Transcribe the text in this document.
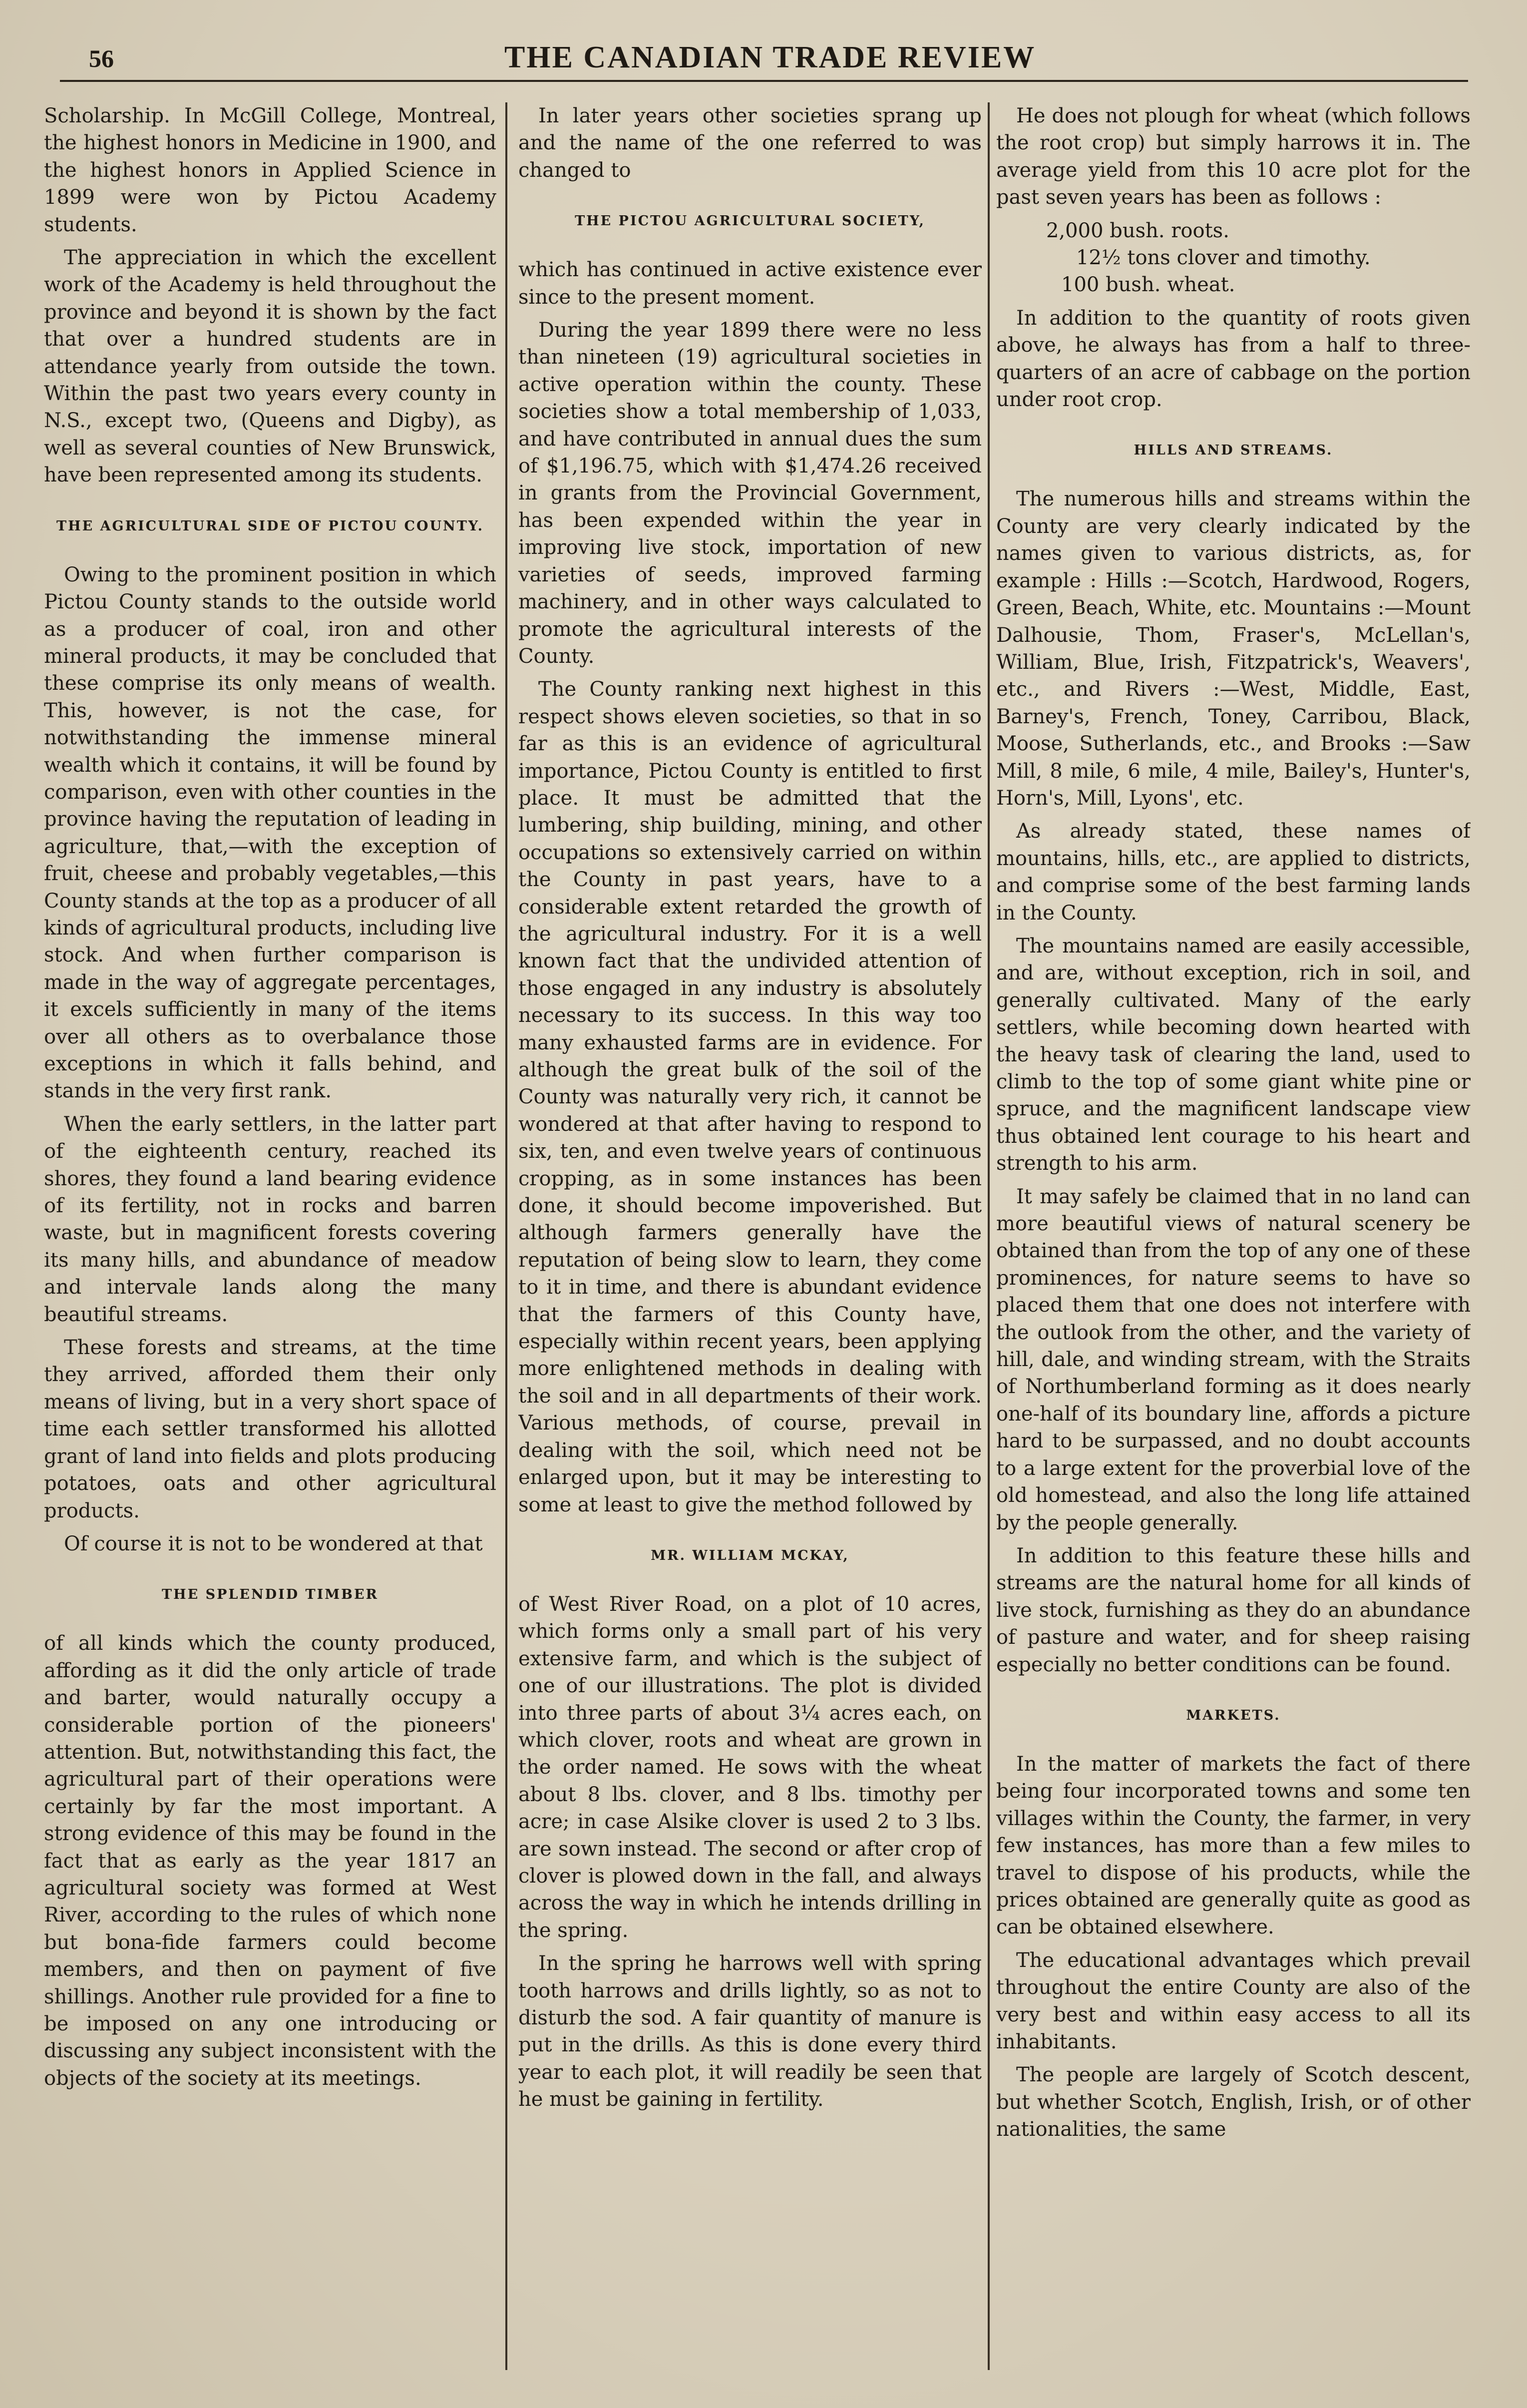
56	THE CANADIAN TRADE REVIEW

Scholarship. In McGill College, Montreal, the highest honors in Medicine in 1900, and the highest honors in Applied Science in 1899 were won by Pictou Academy students.

The appreciation in which the excellent work of the Academy is held throughout the province and beyond it is shown by the fact that over a hundred students are in attendance yearly from outside the town. Within the past two years every county in N.S., except two, (Queens and Digby), as well as several counties of New Brunswick, have been represented among its students.

THE AGRICULTURAL SIDE OF PICTOU COUNTY.

Owing to the prominent position in which Pictou County stands to the outside world as a producer of coal, iron and other mineral products, it may be concluded that these comprise its only means of wealth. This, however, is not the case, for notwithstanding the immense mineral wealth which it contains, it will be found by comparison, even with other counties in the province having the reputation of leading in agriculture, that,—with the exception of fruit, cheese and probably vegetables,—this County stands at the top as a producer of all kinds of agricultural products, including live stock. And when further comparison is made in the way of aggregate percentages, it excels sufficiently in many of the items over all others as to overbalance those exceptions in which it falls behind, and stands in the very first rank.

When the early settlers, in the latter part of the eighteenth century, reached its shores, they found a land bearing evidence of its fertility, not in rocks and barren waste, but in magnificent forests covering its many hills, and abundance of meadow and intervale lands along the many beautiful streams.

These forests and streams, at the time they arrived, afforded them their only means of living, but in a very short space of time each settler transformed his allotted grant of land into fields and plots producing potatoes, oats and other agricultural products.

Of course it is not to be wondered at that

THE SPLENDID TIMBER

of all kinds which the county produced, affording as it did the only article of trade and barter, would naturally occupy a considerable portion of the pioneers' attention. But, notwithstanding this fact, the agricultural part of their operations were certainly by far the most important. A strong evidence of this may be found in the fact that as early as the year 1817 an agricultural society was formed at West River, according to the rules of which none but bona-fide farmers could become members, and then on payment of five shillings. Another rule provided for a fine to be imposed on any one introducing or discussing any subject inconsistent with the objects of the society at its meetings.

In later years other societies sprang up and the name of the one referred to was changed to

THE PICTOU AGRICULTURAL SOCIETY,

which has continued in active existence ever since to the present moment.

During the year 1899 there were no less than nineteen (19) agricultural societies in active operation within the county. These societies show a total membership of 1,033, and have contributed in annual dues the sum of $1,196.75, which with $1,474.26 received in grants from the Provincial Government, has been expended within the year in improving live stock, importation of new varieties of seeds, improved farming machinery, and in other ways calculated to promote the agricultural interests of the County.

The County ranking next highest in this respect shows eleven societies, so that in so far as this is an evidence of agricultural importance, Pictou County is entitled to first place. It must be admitted that the lumbering, ship building, mining, and other occupations so extensively carried on within the County in past years, have to a considerable extent retarded the growth of the agricultural industry. For it is a well known fact that the undivided attention of those engaged in any industry is absolutely necessary to its success. In this way too many exhausted farms are in evidence. For although the great bulk of the soil of the County was naturally very rich, it cannot be wondered at that after having to respond to six, ten, and even twelve years of continuous cropping, as in some instances has been done, it should become impoverished. But although farmers generally have the reputation of being slow to learn, they come to it in time, and there is abundant evidence that the farmers of this County have, especially within recent years, been applying more enlightened methods in dealing with the soil and in all departments of their work. Various methods, of course, prevail in dealing with the soil, which need not be enlarged upon, but it may be interesting to some at least to give the method followed by

MR. WILLIAM MCKAY,

of West River Road, on a plot of 10 acres, which forms only a small part of his very extensive farm, and which is the subject of one of our illustrations. The plot is divided into three parts of about 3¼ acres each, on which clover, roots and wheat are grown in the order named. He sows with the wheat about 8 lbs. clover, and 8 lbs. timothy per acre; in case Alsike clover is used 2 to 3 lbs. are sown instead. The second or after crop of clover is plowed down in the fall, and always across the way in which he intends drilling in the spring.

In the spring he harrows well with spring tooth harrows and drills lightly, so as not to disturb the sod. A fair quantity of manure is put in the drills. As this is done every third year to each plot, it will readily be seen that he must be gaining in fertility.

He does not plough for wheat (which follows the root crop) but simply harrows it in. The average yield from this 10 acre plot for the past seven years has been as follows :

2,000 bush. roots.
12½ tons clover and timothy.
100 bush. wheat.

In addition to the quantity of roots given above, he always has from a half to three-quarters of an acre of cabbage on the portion under root crop.

HILLS AND STREAMS.

The numerous hills and streams within the County are very clearly indicated by the names given to various districts, as, for example : Hills :—Scotch, Hardwood, Rogers, Green, Beach, White, etc. Mountains :—Mount Dalhousie, Thom, Fraser's, McLellan's, William, Blue, Irish, Fitzpatrick's, Weavers', etc., and Rivers :—West, Middle, East, Barney's, French, Toney, Carribou, Black, Moose, Sutherlands, etc., and Brooks :—Saw Mill, 8 mile, 6 mile, 4 mile, Bailey's, Hunter's, Horn's, Mill, Lyons', etc.

As already stated, these names of mountains, hills, etc., are applied to districts, and comprise some of the best farming lands in the County.

The mountains named are easily accessible, and are, without exception, rich in soil, and generally cultivated. Many of the early settlers, while becoming down hearted with the heavy task of clearing the land, used to climb to the top of some giant white pine or spruce, and the magnificent landscape view thus obtained lent courage to his heart and strength to his arm.

It may safely be claimed that in no land can more beautiful views of natural scenery be obtained than from the top of any one of these prominences, for nature seems to have so placed them that one does not interfere with the outlook from the other, and the variety of hill, dale, and winding stream, with the Straits of Northumberland forming as it does nearly one-half of its boundary line, affords a picture hard to be surpassed, and no doubt accounts to a large extent for the proverbial love of the old homestead, and also the long life attained by the people generally.

In addition to this feature these hills and streams are the natural home for all kinds of live stock, furnishing as they do an abundance of pasture and water, and for sheep raising especially no better conditions can be found.

MARKETS.

In the matter of markets the fact of there being four incorporated towns and some ten villages within the County, the farmer, in very few instances, has more than a few miles to travel to dispose of his products, while the prices obtained are generally quite as good as can be obtained elsewhere.

The educational advantages which prevail throughout the entire County are also of the very best and within easy access to all its inhabitants.

The people are largely of Scotch descent, but whether Scotch, English, Irish, or of other nationalities, the same
